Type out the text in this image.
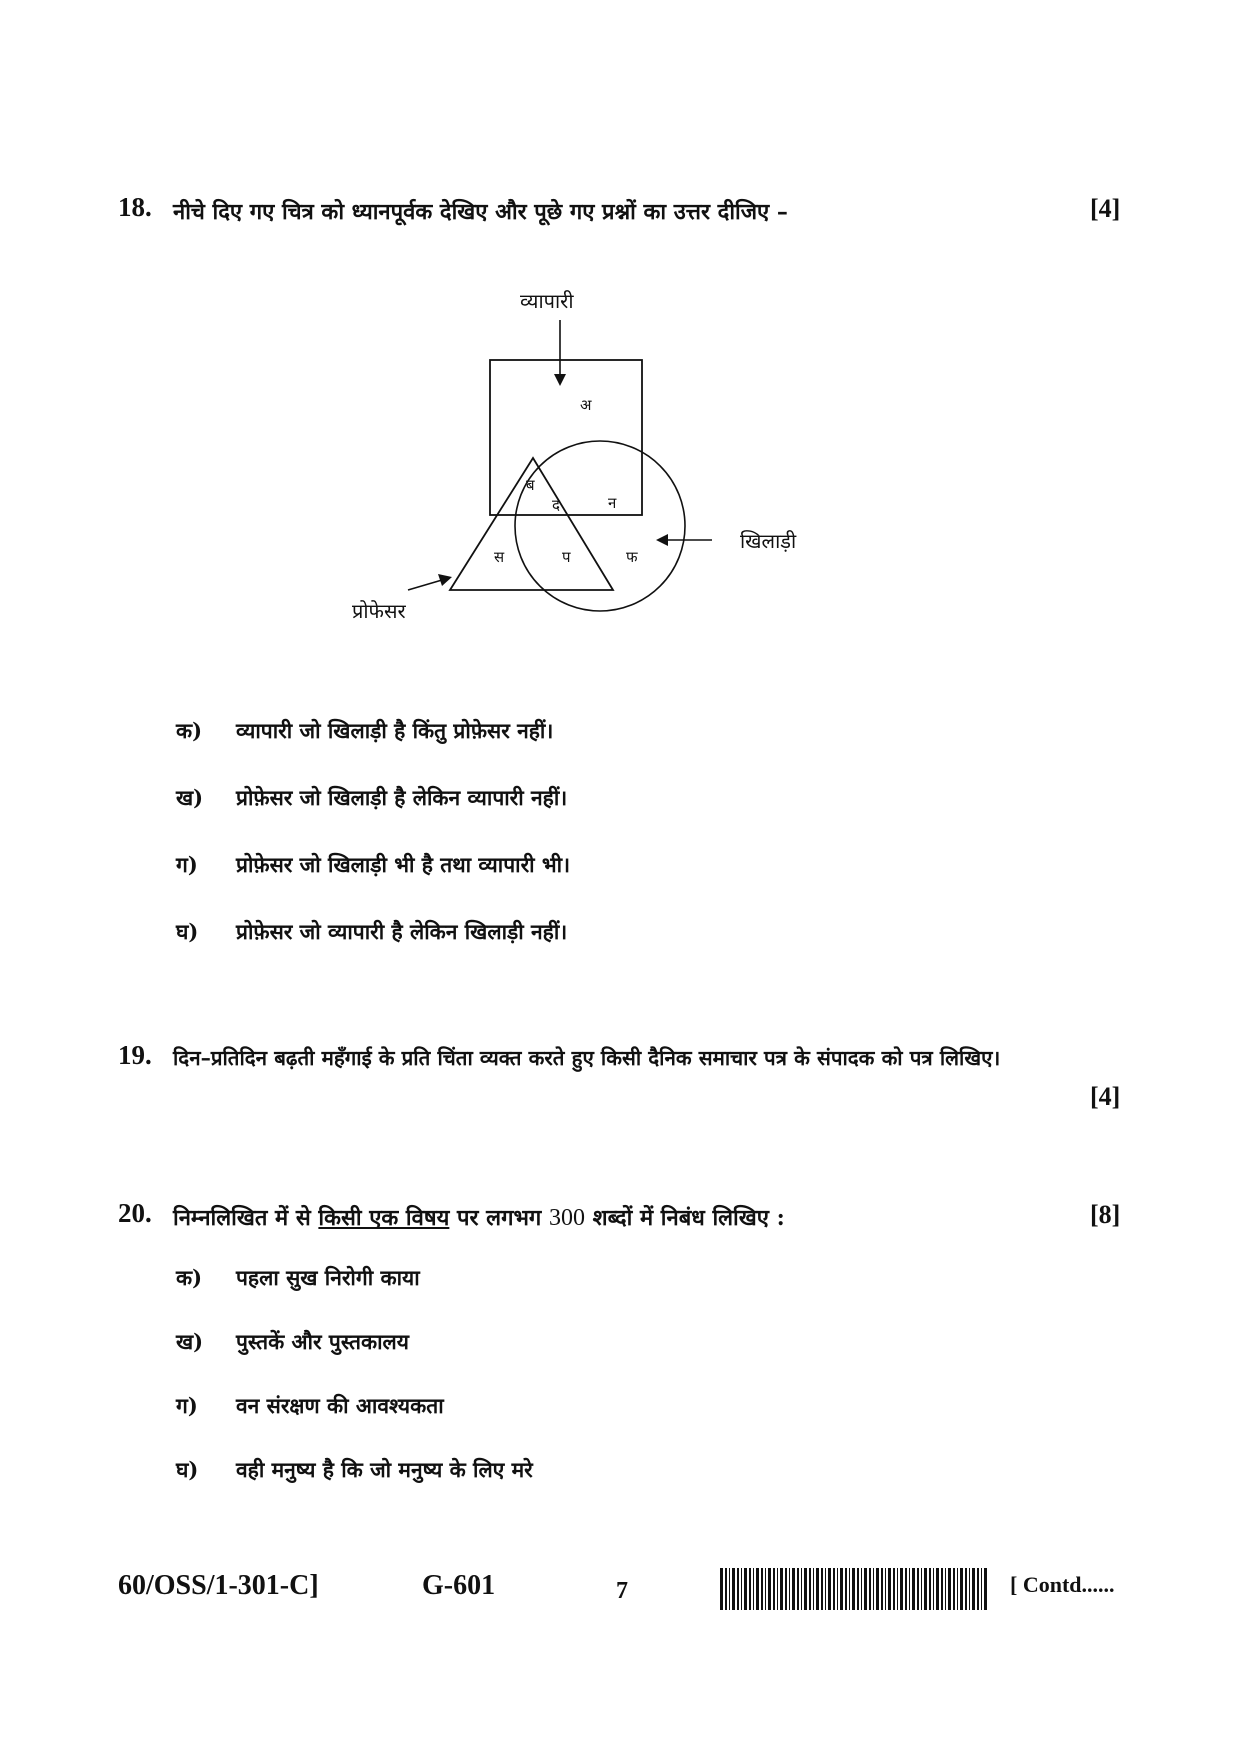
18. नीचे दिए गए चित्र को ध्यानपूर्वक देखिए और पूछे गए प्रश्नों का उत्तर दीजिए –	[4]
व्यापारी
अ
ब
द	न
स	प	फ
खिलाड़ी
प्रोफेसर
क) व्यापारी जो खिलाड़ी है किंतु प्रोफ़ेसर नहीं।
ख) प्रोफ़ेसर जो खिलाड़ी है लेकिन व्यापारी नहीं।
ग) प्रोफ़ेसर जो खिलाड़ी भी है तथा व्यापारी भी।
घ) प्रोफ़ेसर जो व्यापारी है लेकिन खिलाड़ी नहीं।
19. दिन–प्रतिदिन बढ़ती महँगाई के प्रति चिंता व्यक्त करते हुए किसी दैनिक समाचार पत्र के संपादक को पत्र लिखिए।
[4]
20. निम्नलिखित में से किसी एक विषय पर लगभग 300 शब्दों में निबंध लिखिए :	[8]
क) पहला सुख निरोगी काया
ख) पुस्तकें और पुस्तकालय
ग) वन संरक्षण की आवश्यकता
घ) वही मनुष्य है कि जो मनुष्य के लिए मरे
60/OSS/1-301-C]	G-601	7	[ Contd......
